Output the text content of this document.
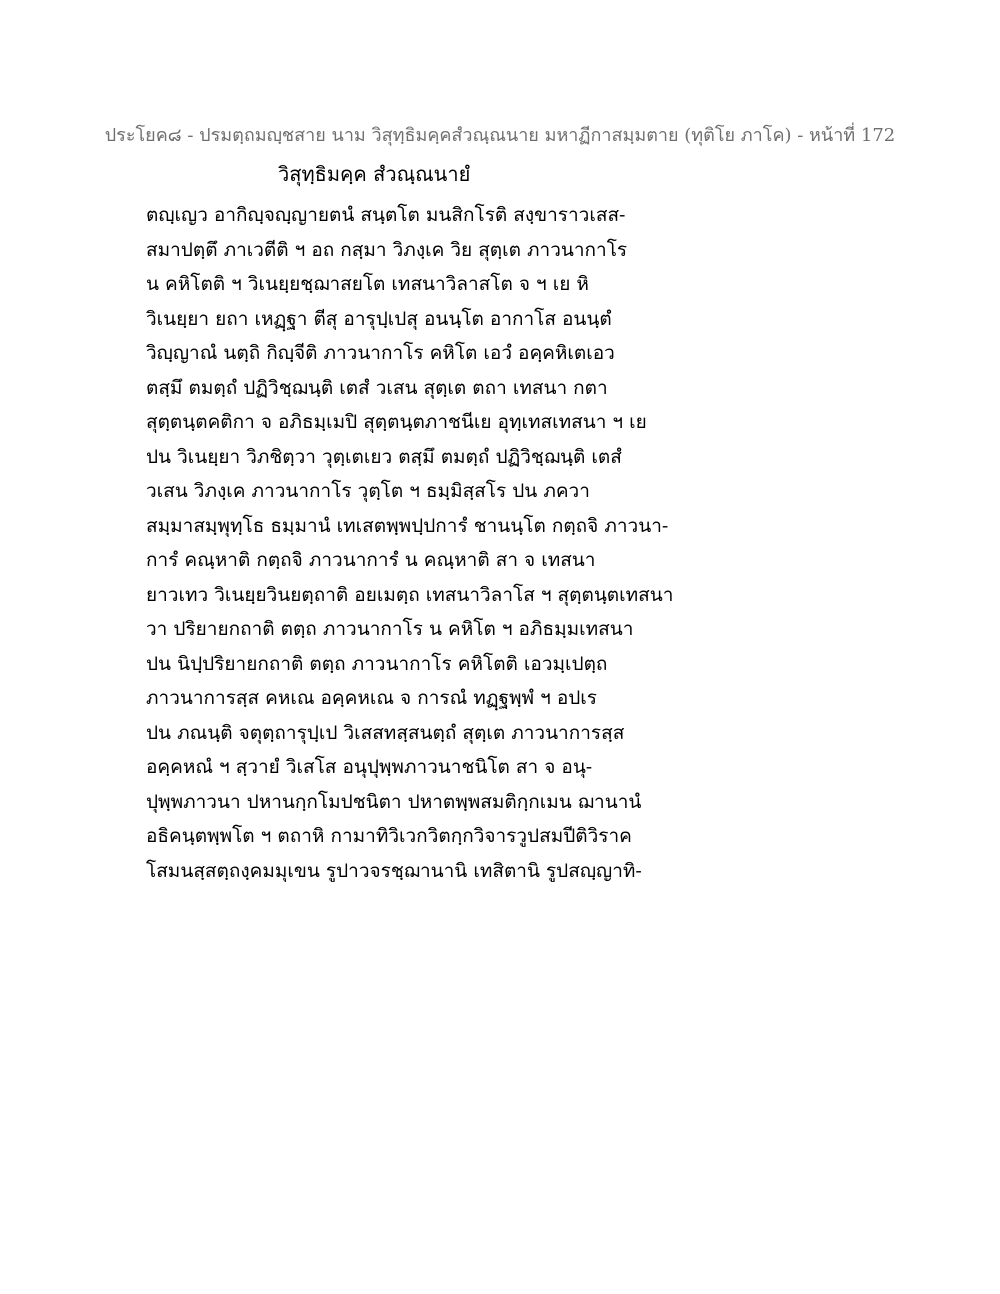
ประโยค๘ - ปรมตฺถมญฺชสาย นาม วิสุทฺธิมคฺคสํวณฺณนาย มหาฏีกาสมฺมตาย (ทุติโย ภาโค) - หน้าที่ 172
วิสุทฺธิมคฺค สํวณฺณนายํ
ตญฺเญว อากิญฺจญฺญายตนํ สนฺตโต มนสิกโรติ สงฺขาราวเสส-
สมาปตฺตึ ภาเวตีติ ฯ อถ กสฺมา วิภงฺเค วิย สุตฺเต ภาวนากาโร
น คหิโตติ ฯ วิเนยฺยชฺฌาสยโต เทสนาวิลาสโต จ ฯ เย หิ
วิเนยฺยา ยถา เหฏฺฐา ตีสุ อารุปฺเปสุ อนนฺโต อากาโส อนนฺตํ
วิญฺญาณํ นตฺถิ กิญฺจีติ ภาวนากาโร คหิโต เอวํ อคฺคหิเตเอว
ตสฺมึ ตมตฺถํ ปฏิวิชฺฌนฺติ เตสํ วเสน สุตฺเต ตถา เทสนา กตา
สุตฺตนฺตคติกา จ อภิธมฺเมปิ สุตฺตนฺตภาชนีเย อุทฺเทสเทสนา ฯ เย
ปน วิเนยฺยา วิภชิตฺวา วุตฺเตเยว ตสฺมึ ตมตฺถํ ปฏิวิชฺฌนฺติ เตสํ
วเสน วิภงฺเค ภาวนากาโร วุตฺโต ฯ ธมฺมิสฺสโร ปน ภควา
สมฺมาสมฺพุทฺโธ ธมฺมานํ เทเสตพฺพปฺปการํ ชานนฺโต กตฺถจิ ภาวนา-
การํ คณฺหาติ กตฺถจิ ภาวนาการํ น คณฺหาติ สา จ เทสนา
ยาวเทว วิเนยฺยวินยตฺถาติ อยเมตฺถ เทสนาวิลาโส ฯ สุตฺตนฺตเทสนา
วา ปริยายกถาติ ตตฺถ ภาวนากาโร น คหิโต ฯ อภิธมฺมเทสนา
ปน นิปฺปริยายกถาติ ตตฺถ ภาวนากาโร คหิโตติ เอวมฺเปตฺถ
ภาวนาการสฺส คหเณ อคฺคหเณ จ การณํ ทฏฺฐพฺพํ ฯ อปเร
ปน ภณนฺติ จตุตฺถารุปฺเป วิเสสทสฺสนตฺถํ สุตฺเต ภาวนาการสฺส
อคฺคหณํ ฯ สฺวายํ วิเสโส อนุปุพฺพภาวนาชนิโต สา จ อนุ-
ปุพฺพภาวนา ปหานกฺกโมปชนิตา ปหาตพฺพสมติกฺกเมน ฌานานํ
อธิคนฺตพฺพโต ฯ ตถาหิ กามาทิวิเวกวิตกฺกวิจารวูปสมปีติวิราค
โสมนสฺสตฺถงฺคมมุเขน รูปาวจรชฺฌานานิ เทสิตานิ รูปสญฺญาทิ-
